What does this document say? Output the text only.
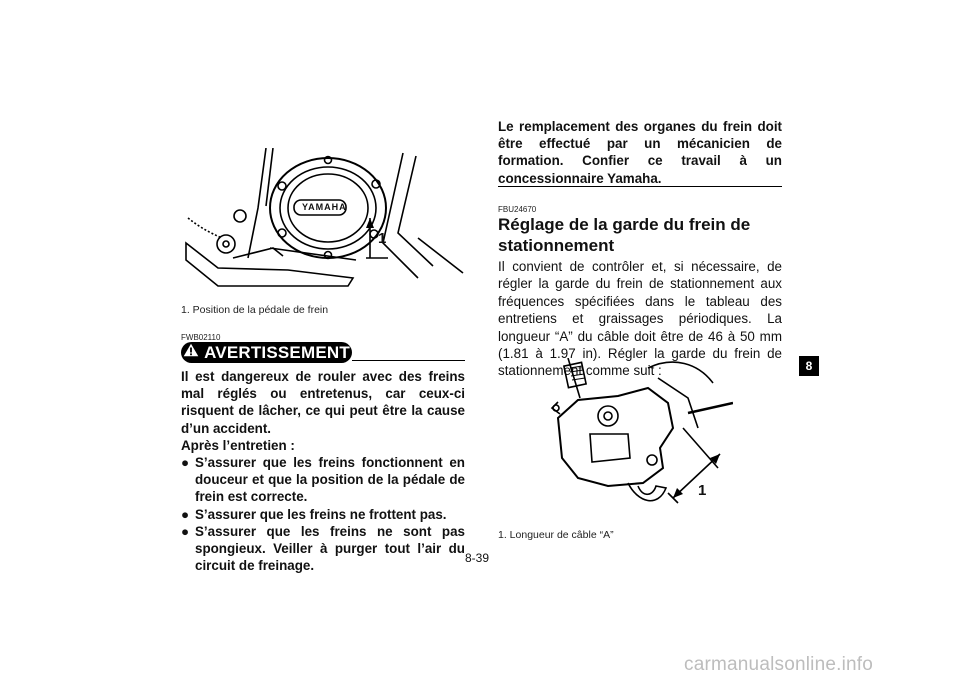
YAMAHA
1
1. Position de la pédale de frein
FWB02110
AVERTISSEMENT

Il est dangereux de rouler avec des freins mal réglés ou entretenus, car ceux-ci risquent de lâcher, ce qui peut être la cause d’un accident.

Après l’entretien :

● S’assurer que les freins fonctionnent en douceur et que la position de la pédale de frein est correcte.
● S’assurer que les freins ne frottent pas.
● S’assurer que les freins ne sont pas spongieux. Veiller à purger tout l’air du circuit de freinage.
Le remplacement des organes du frein doit être effectué par un mécanicien de formation. Confier ce travail à un concessionnaire Yamaha.
FBU24670
Réglage de la garde du frein de stationnement
Il convient de contrôler et, si nécessaire, de régler la garde du frein de stationnement aux fréquences spécifiées dans le tableau des entretiens et graissages périodiques. La longueur “A” du câble doit être de 46 à 50 mm (1.81 à 1.97 in). Régler la garde du frein de stationnement comme suit :
1
1. Longueur de câble “A”
8
8-39
carmanualsonline.info
